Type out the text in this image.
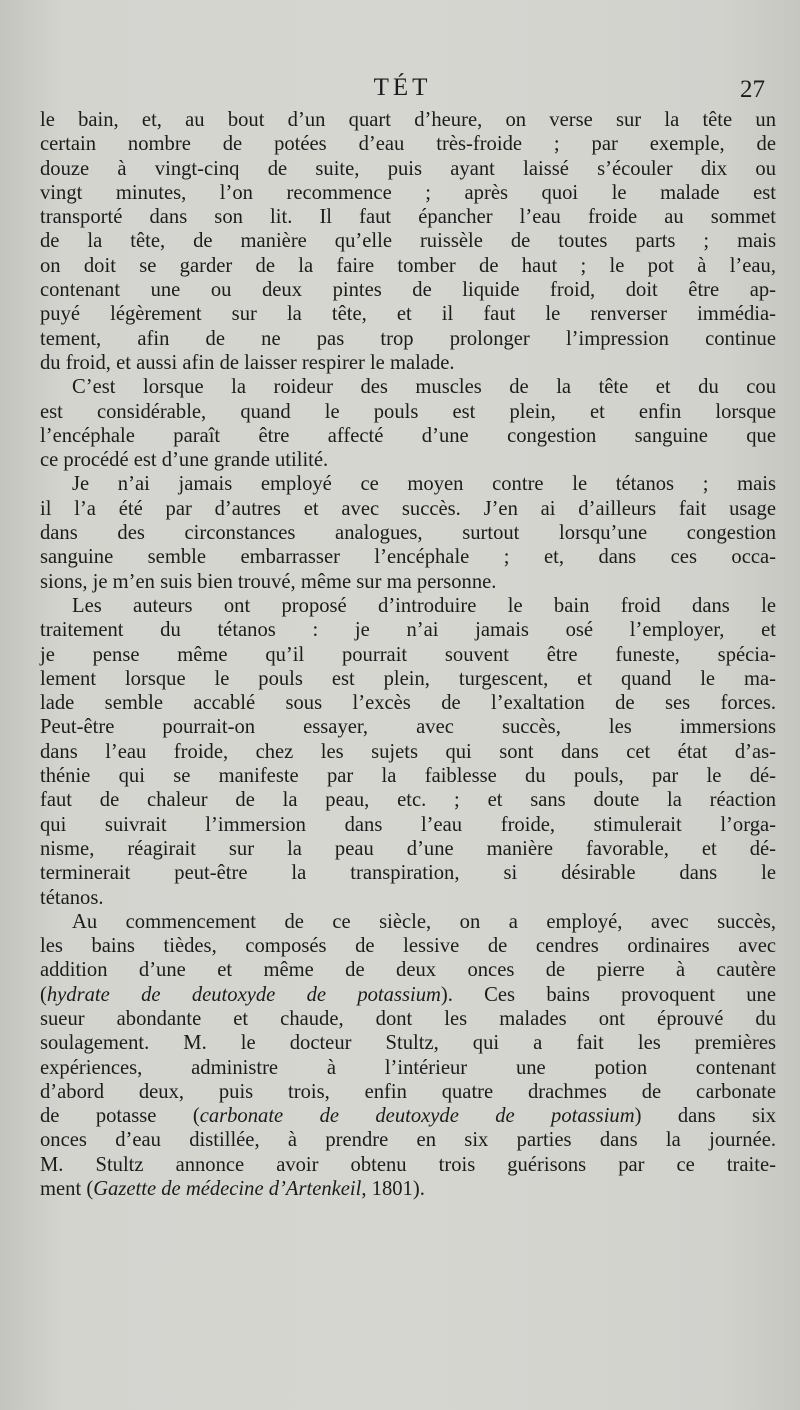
TÉT	27
le bain, et, au bout d’un quart d’heure, on verse sur la tête un
certain nombre de potées d’eau très-froide ; par exemple, de
douze à vingt-cinq de suite, puis ayant laissé s’écouler dix ou
vingt minutes, l’on recommence ; après quoi le malade est
transporté dans son lit. Il faut épancher l’eau froide au sommet
de la tête, de manière qu’elle ruissèle de toutes parts ; mais
on doit se garder de la faire tomber de haut ; le pot à l’eau,
contenant une ou deux pintes de liquide froid, doit être ap-
puyé légèrement sur la tête, et il faut le renverser immédia-
tement, afin de ne pas trop prolonger l’impression continue
du froid, et aussi afin de laisser respirer le malade.
C’est lorsque la roideur des muscles de la tête et du cou
est considérable, quand le pouls est plein, et enfin lorsque
l’encéphale paraît être affecté d’une congestion sanguine que
ce procédé est d’une grande utilité.
Je n’ai jamais employé ce moyen contre le tétanos ; mais
il l’a été par d’autres et avec succès. J’en ai d’ailleurs fait usage
dans des circonstances analogues, surtout lorsqu’une congestion
sanguine semble embarrasser l’encéphale ; et, dans ces occa-
sions, je m’en suis bien trouvé, même sur ma personne.
Les auteurs ont proposé d’introduire le bain froid dans le
traitement du tétanos : je n’ai jamais osé l’employer, et
je pense même qu’il pourrait souvent être funeste, spécia-
lement lorsque le pouls est plein, turgescent, et quand le ma-
lade semble accablé sous l’excès de l’exaltation de ses forces.
Peut-être pourrait-on essayer, avec succès, les immersions
dans l’eau froide, chez les sujets qui sont dans cet état d’as-
thénie qui se manifeste par la faiblesse du pouls, par le dé-
faut de chaleur de la peau, etc. ; et sans doute la réaction
qui suivrait l’immersion dans l’eau froide, stimulerait l’orga-
nisme, réagirait sur la peau d’une manière favorable, et dé-
terminerait peut-être la transpiration, si désirable dans le
tétanos.
Au commencement de ce siècle, on a employé, avec succès,
les bains tièdes, composés de lessive de cendres ordinaires avec
addition d’une et même de deux onces de pierre à cautère
(hydrate de deutoxyde de potassium). Ces bains provoquent une
sueur abondante et chaude, dont les malades ont éprouvé du
soulagement. M. le docteur Stultz, qui a fait les premières
expériences, administre à l’intérieur une potion contenant
d’abord deux, puis trois, enfin quatre drachmes de carbonate
de potasse (carbonate de deutoxyde de potassium) dans six
onces d’eau distillée, à prendre en six parties dans la journée.
M. Stultz annonce avoir obtenu trois guérisons par ce traite-
ment (Gazette de médecine d’Artenkeil, 1801).
